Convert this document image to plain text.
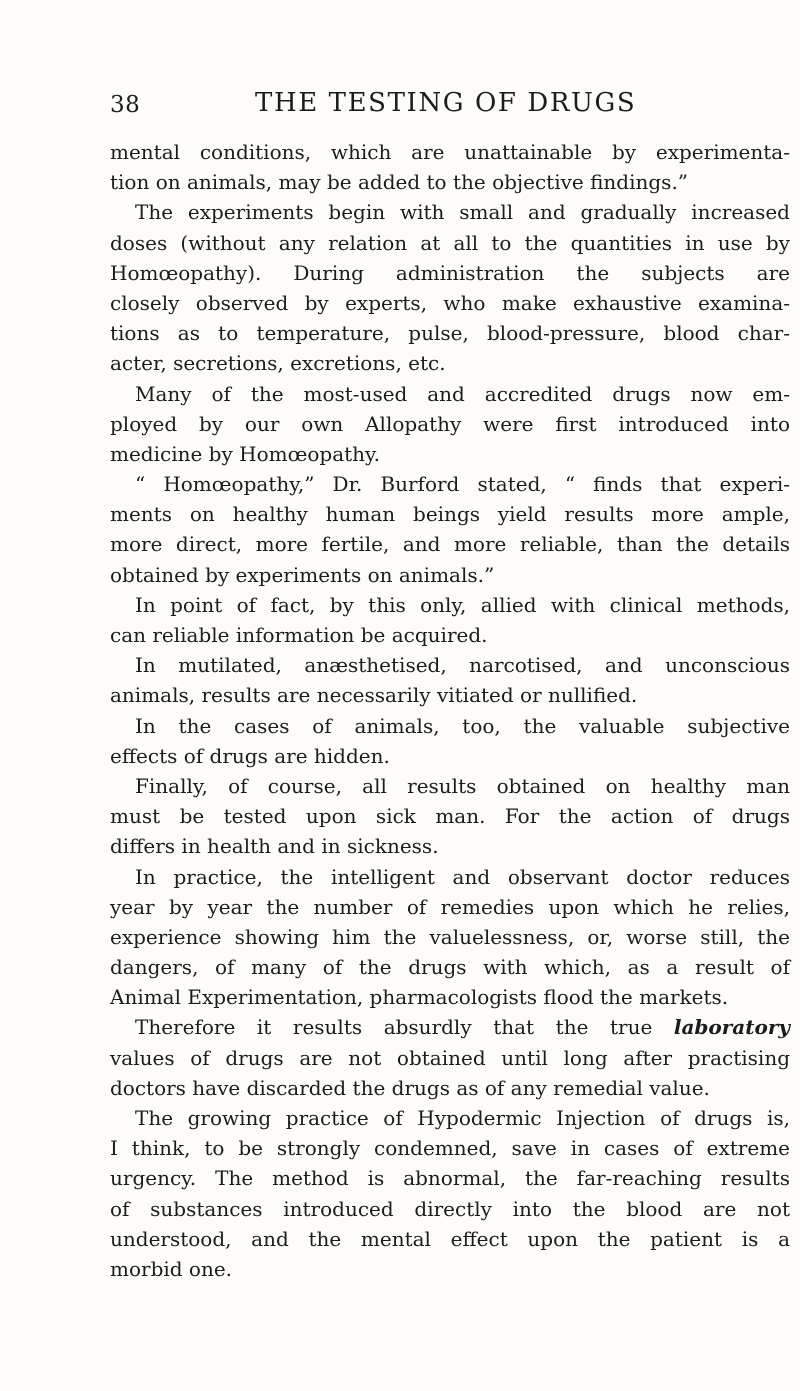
38	THE TESTING OF DRUGS
mental conditions, which are unattainable by experimenta-
tion on animals, may be added to the objective findings.”
The experiments begin with small and gradually increased
doses (without any relation at all to the quantities in use by
Homœopathy). During administration the subjects are
closely observed by experts, who make exhaustive examina-
tions as to temperature, pulse, blood-pressure, blood char-
acter, secretions, excretions, etc.
Many of the most-used and accredited drugs now em-
ployed by our own Allopathy were first introduced into
medicine by Homœopathy.
“ Homœopathy,” Dr. Burford stated, “ finds that experi-
ments on healthy human beings yield results more ample,
more direct, more fertile, and more reliable, than the details
obtained by experiments on animals.”
In point of fact, by this only, allied with clinical methods,
can reliable information be acquired.
In mutilated, anæsthetised, narcotised, and unconscious
animals, results are necessarily vitiated or nullified.
In the cases of animals, too, the valuable subjective
effects of drugs are hidden.
Finally, of course, all results obtained on healthy man
must be tested upon sick man. For the action of drugs
differs in health and in sickness.
In practice, the intelligent and observant doctor reduces
year by year the number of remedies upon which he relies,
experience showing him the valuelessness, or, worse still, the
dangers, of many of the drugs with which, as a result of
Animal Experimentation, pharmacologists flood the markets.
Therefore it results absurdly that the true laboratory
values of drugs are not obtained until long after practising
doctors have discarded the drugs as of any remedial value.
The growing practice of Hypodermic Injection of drugs is,
I think, to be strongly condemned, save in cases of extreme
urgency. The method is abnormal, the far-reaching results
of substances introduced directly into the blood are not
understood, and the mental effect upon the patient is a
morbid one.
